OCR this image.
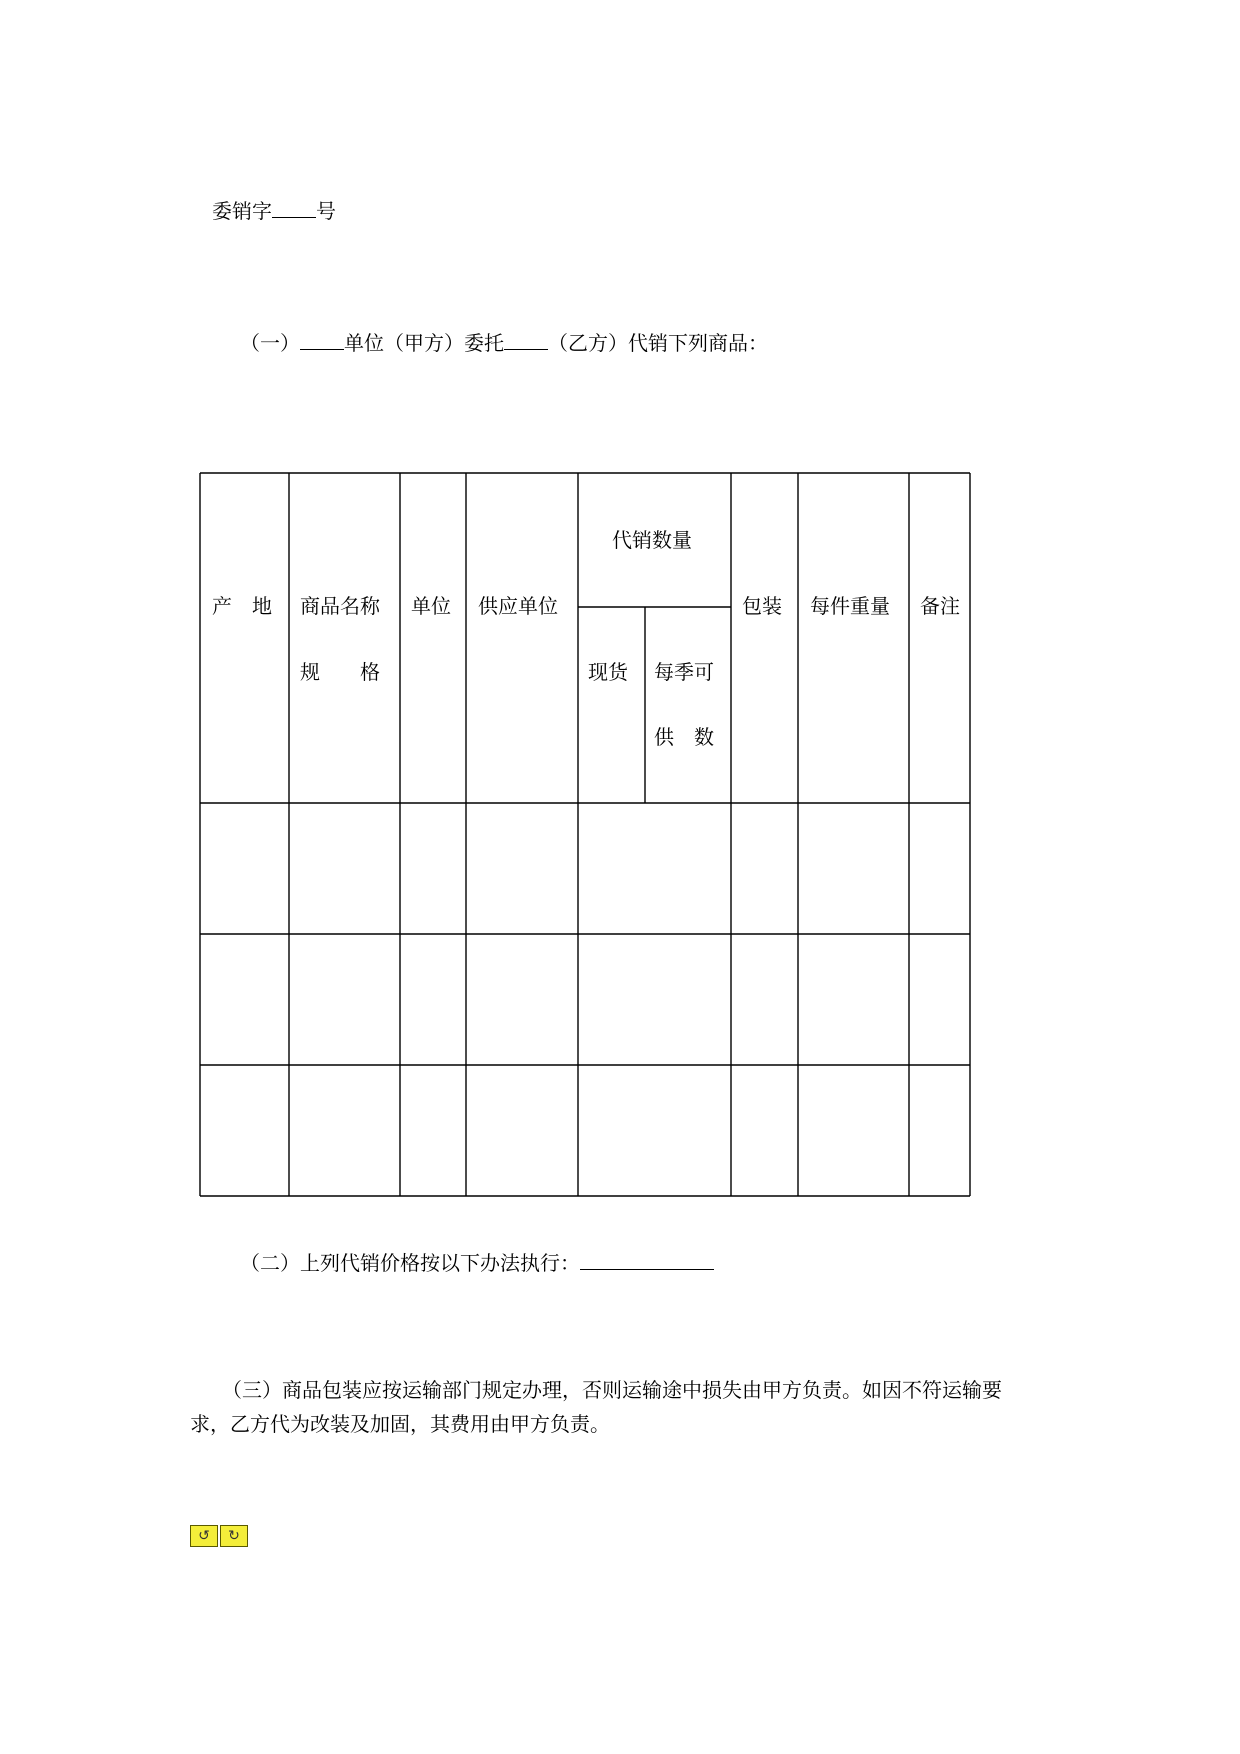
委销字 号
（一） 单位（甲方）委托 （乙方）代销下列商品：
产　地 商品名称
规　　格
单位 供应单位
代销数量
现货 每季可
供　数
包装 每件重量 备注
（二）上列代销价格按以下办法执行：
（三）商品包装应按运输部门规定办理，否则运输途中损失由甲方负责。如因不符运输要
求，乙方代为改装及加固，其费用由甲方负责。
↺	↻
